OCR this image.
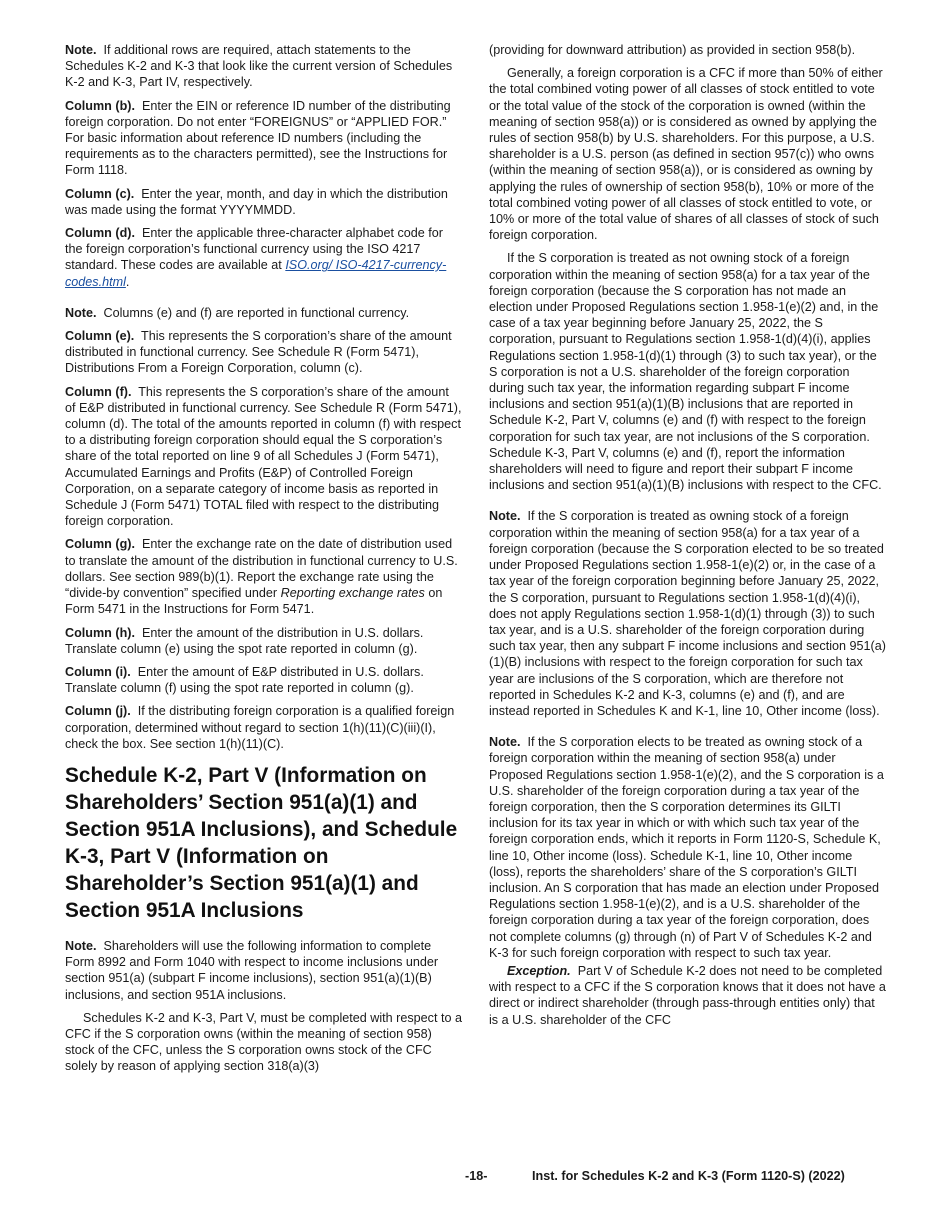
Note. If additional rows are required, attach statements to the Schedules K-2 and K-3 that look like the current version of Schedules K-2 and K-3, Part IV, respectively.

Column (b). Enter the EIN or reference ID number of the distributing foreign corporation. Do not enter “FOREIGNUS” or “APPLIED FOR.” For basic information about reference ID numbers (including the requirements as to the characters permitted), see the Instructions for Form 1118.

Column (c). Enter the year, month, and day in which the distribution was made using the format YYYYMMDD.

Column (d). Enter the applicable three-character alphabet code for the foreign corporation’s functional currency using the ISO 4217 standard. These codes are available at ISO.org/ ISO-4217-currency-codes.html.

Note. Columns (e) and (f) are reported in functional currency.

Column (e). This represents the S corporation’s share of the amount distributed in functional currency. See Schedule R (Form 5471), Distributions From a Foreign Corporation, column (c).

Column (f). This represents the S corporation’s share of the amount of E&P distributed in functional currency. See Schedule R (Form 5471), column (d). The total of the amounts reported in column (f) with respect to a distributing foreign corporation should equal the S corporation’s share of the total reported on line 9 of all Schedules J (Form 5471), Accumulated Earnings and Profits (E&P) of Controlled Foreign Corporation, on a separate category of income basis as reported in Schedule J (Form 5471) TOTAL filed with respect to the distributing foreign corporation.

Column (g). Enter the exchange rate on the date of distribution used to translate the amount of the distribution in functional currency to U.S. dollars. See section 989(b)(1). Report the exchange rate using the “divide-by convention” specified under Reporting exchange rates on Form 5471 in the Instructions for Form 5471.

Column (h). Enter the amount of the distribution in U.S. dollars. Translate column (e) using the spot rate reported in column (g).

Column (i). Enter the amount of E&P distributed in U.S. dollars. Translate column (f) using the spot rate reported in column (g).

Column (j). If the distributing foreign corporation is a qualified foreign corporation, determined without regard to section 1(h)(11)(C)(iii)(I), check the box. See section 1(h)(11)(C).

Schedule K-2, Part V (Information on Shareholders’ Section 951(a)(1) and Section 951A Inclusions), and Schedule K-3, Part V (Information on Shareholder’s Section 951(a)(1) and Section 951A Inclusions

Note. Shareholders will use the following information to complete Form 8992 and Form 1040 with respect to income inclusions under section 951(a) (subpart F income inclusions), section 951(a)(1)(B) inclusions, and section 951A inclusions.

Schedules K-2 and K-3, Part V, must be completed with respect to a CFC if the S corporation owns (within the meaning of section 958) stock of the CFC, unless the S corporation owns stock of the CFC solely by reason of applying section 318(a)(3)

(providing for downward attribution) as provided in section 958(b).

Generally, a foreign corporation is a CFC if more than 50% of either the total combined voting power of all classes of stock entitled to vote or the total value of the stock of the corporation is owned (within the meaning of section 958(a)) or is considered as owned by applying the rules of section 958(b) by U.S. shareholders. For this purpose, a U.S. shareholder is a U.S. person (as defined in section 957(c)) who owns (within the meaning of section 958(a)), or is considered as owning by applying the rules of ownership of section 958(b), 10% or more of the total combined voting power of all classes of stock entitled to vote, or 10% or more of the total value of shares of all classes of stock of such foreign corporation.

If the S corporation is treated as not owning stock of a foreign corporation within the meaning of section 958(a) for a tax year of the foreign corporation (because the S corporation has not made an election under Proposed Regulations section 1.958-1(e)(2) and, in the case of a tax year beginning before January 25, 2022, the S corporation, pursuant to Regulations section 1.958-1(d)(4)(i), applies Regulations section 1.958-1(d)(1) through (3) to such tax year), or the S corporation is not a U.S. shareholder of the foreign corporation during such tax year, the information regarding subpart F income inclusions and section 951(a)(1)(B) inclusions that are reported in Schedule K-2, Part V, columns (e) and (f) with respect to the foreign corporation for such tax year, are not inclusions of the S corporation. Schedule K-3, Part V, columns (e) and (f), report the information shareholders will need to figure and report their subpart F income inclusions and section 951(a)(1)(B) inclusions with respect to the CFC.

Note. If the S corporation is treated as owning stock of a foreign corporation within the meaning of section 958(a) for a tax year of a foreign corporation (because the S corporation elected to be so treated under Proposed Regulations section 1.958-1(e)(2) or, in the case of a tax year of the foreign corporation beginning before January 25, 2022, the S corporation, pursuant to Regulations section 1.958-1(d)(4)(i), does not apply Regulations section 1.958-1(d)(1) through (3)) to such tax year, and is a U.S. shareholder of the foreign corporation during such tax year, then any subpart F income inclusions and section 951(a)(1)(B) inclusions with respect to the foreign corporation for such tax year are inclusions of the S corporation, which are therefore not reported in Schedules K-2 and K-3, columns (e) and (f), and are instead reported in Schedules K and K-1, line 10, Other income (loss).

Note. If the S corporation elects to be treated as owning stock of a foreign corporation within the meaning of section 958(a) under Proposed Regulations section 1.958-1(e)(2), and the S corporation is a U.S. shareholder of the foreign corporation during a tax year of the foreign corporation, then the S corporation determines its GILTI inclusion for its tax year in which or with which such tax year of the foreign corporation ends, which it reports in Form 1120-S, Schedule K, line 10, Other income (loss). Schedule K-1, line 10, Other income (loss), reports the shareholders’ share of the S corporation’s GILTI inclusion. An S corporation that has made an election under Proposed Regulations section 1.958-1(e)(2), and is a U.S. shareholder of the foreign corporation during a tax year of the foreign corporation, does not complete columns (g) through (n) of Part V of Schedules K-2 and K-3 for such foreign corporation with respect to such tax year.

Exception. Part V of Schedule K-2 does not need to be completed with respect to a CFC if the S corporation knows that it does not have a direct or indirect shareholder (through pass-through entities only) that is a U.S. shareholder of the CFC

-18-	Inst. for Schedules K-2 and K-3 (Form 1120-S) (2022)
